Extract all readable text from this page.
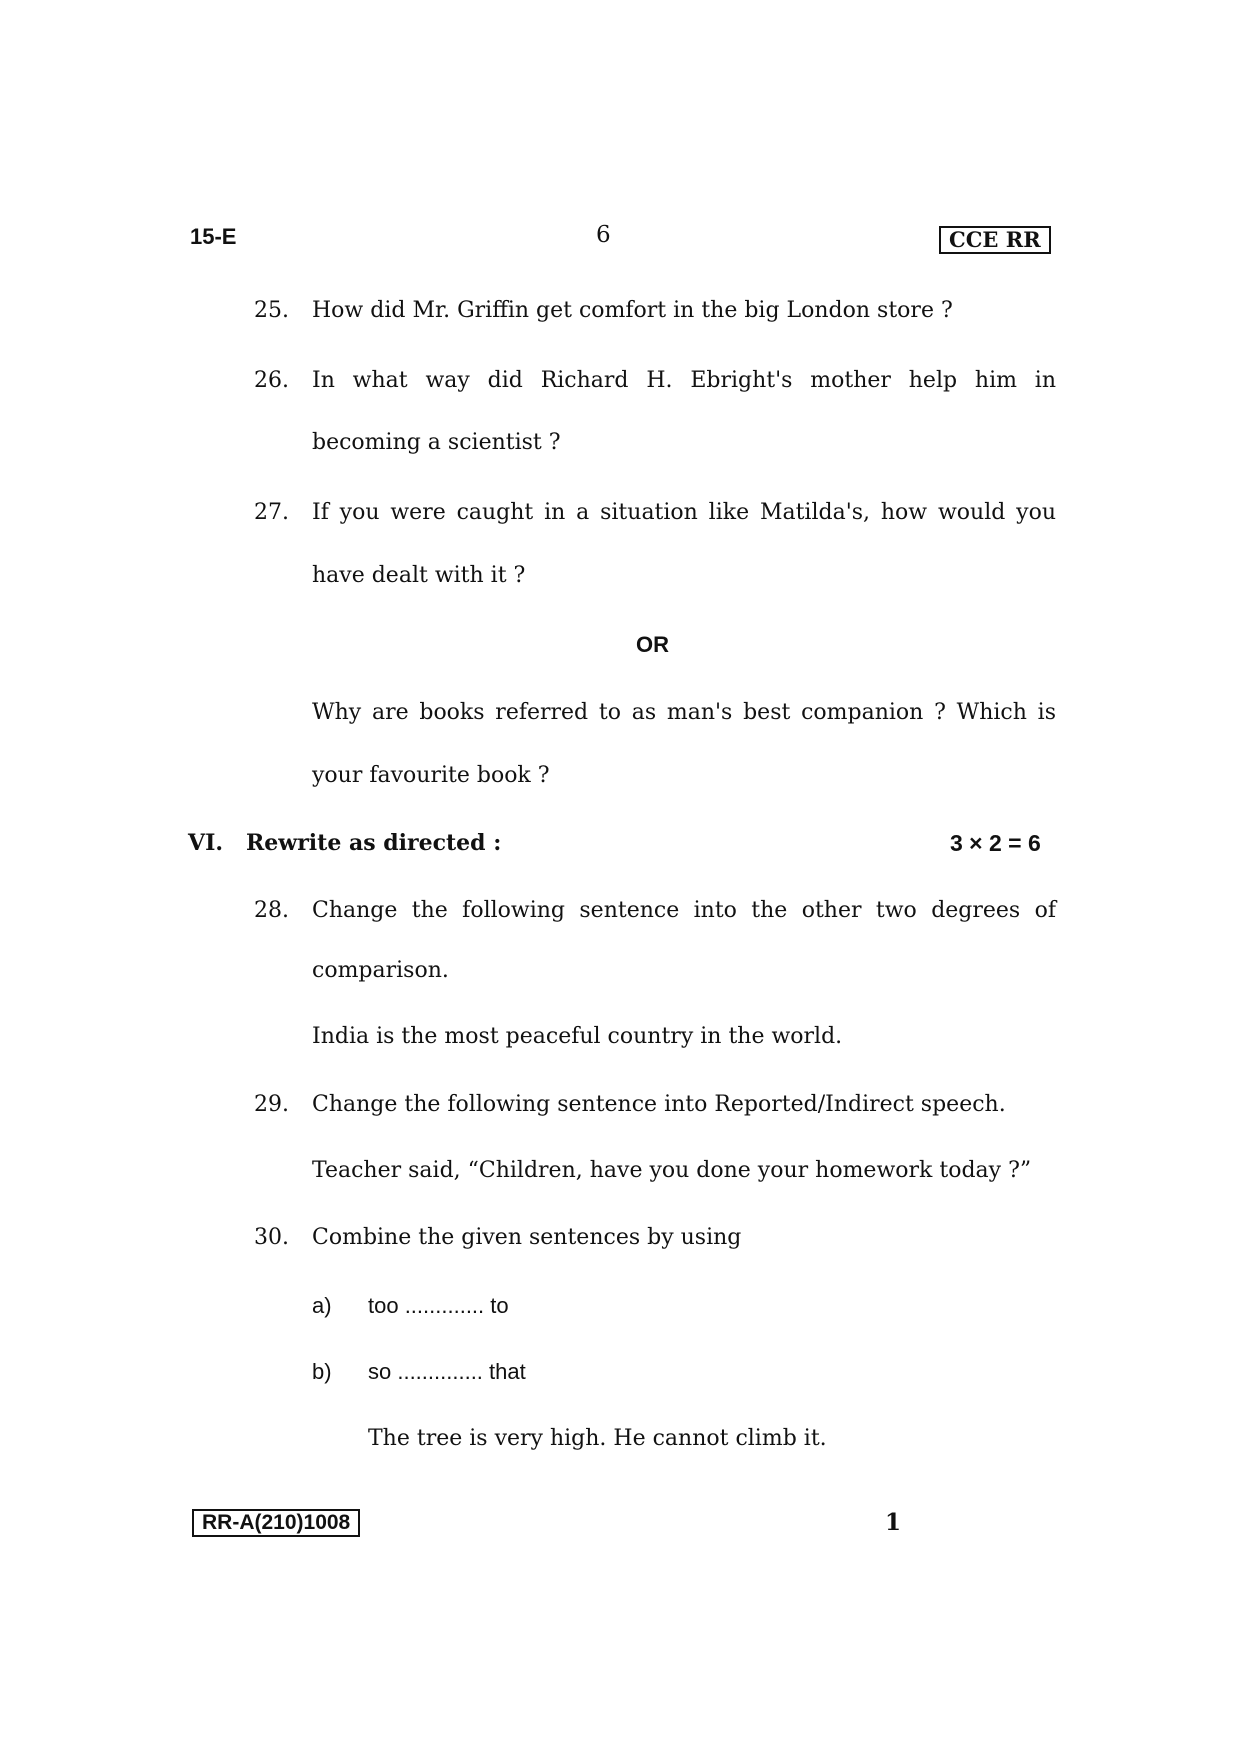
15-E	6	CCE RR
25. How did Mr. Griffin get comfort in the big London store ?
26. In what way did Richard H. Ebright's mother help him in
becoming a scientist ?
27. If you were caught in a situation like Matilda's, how would you
have dealt with it ?
OR
Why are books referred to as man's best companion ? Which is
your favourite book ?
VI. Rewrite as directed :	3 × 2 = 6
28. Change the following sentence into the other two degrees of
comparison.
India is the most peaceful country in the world.
29. Change the following sentence into Reported/Indirect speech.
Teacher said, “Children, have you done your homework today ?”
30. Combine the given sentences by using
a) too ............. to
b) so .............. that
The tree is very high. He cannot climb it.
RR-A(210)1008	1
